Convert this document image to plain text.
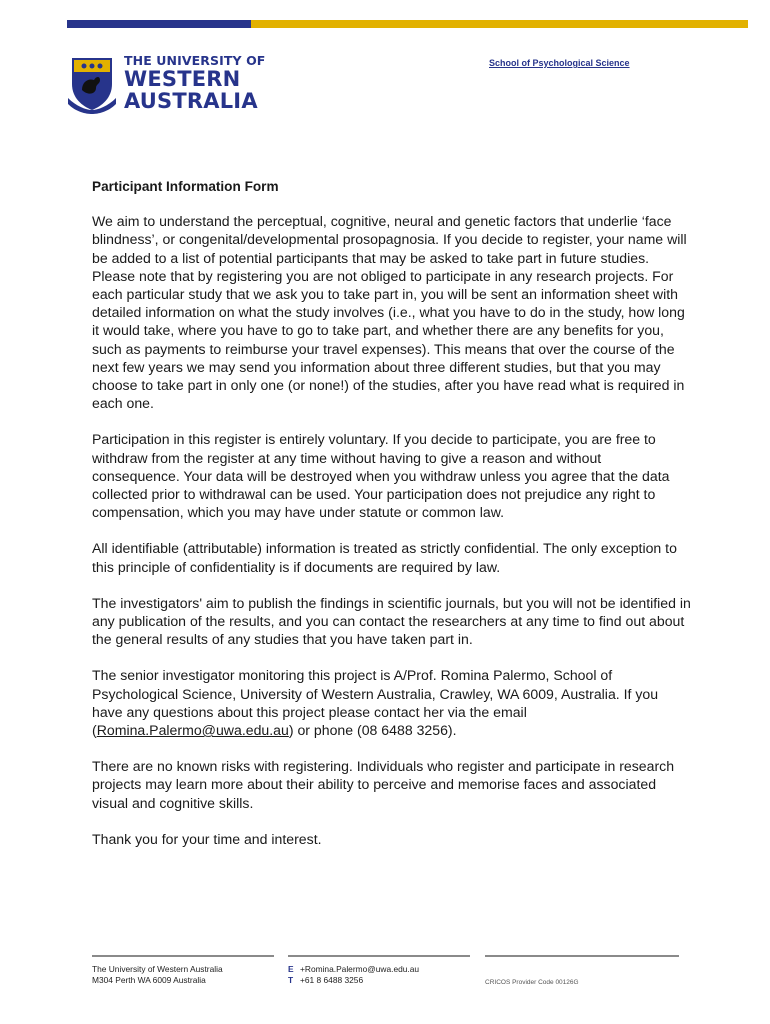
THE UNIVERSITY OF
WESTERN
AUSTRALIA
School of Psychological Science
Participant Information Form

We aim to understand the perceptual, cognitive, neural and genetic factors that underlie ‘face blindness’, or congenital/developmental prosopagnosia. If you decide to register, your name will be added to a list of potential participants that may be asked to take part in future studies. Please note that by registering you are not obliged to participate in any research projects. For each particular study that we ask you to take part in, you will be sent an information sheet with detailed information on what the study involves (i.e., what you have to do in the study, how long it would take, where you have to go to take part, and whether there are any benefits for you, such as payments to reimburse your travel expenses). This means that over the course of the next few years we may send you information about three different studies, but that you may choose to take part in only one (or none!) of the studies, after you have read what is required in each one.

Participation in this register is entirely voluntary. If you decide to participate, you are free to withdraw from the register at any time without having to give a reason and without consequence. Your data will be destroyed when you withdraw unless you agree that the data collected prior to withdrawal can be used. Your participation does not prejudice any right to compensation, which you may have under statute or common law.

All identifiable (attributable) information is treated as strictly confidential. The only exception to this principle of confidentiality is if documents are required by law.

The investigators' aim to publish the findings in scientific journals, but you will not be identified in any publication of the results, and you can contact the researchers at any time to find out about the general results of any studies that you have taken part in.

The senior investigator monitoring this project is A/Prof. Romina Palermo, School of Psychological Science, University of Western Australia, Crawley, WA 6009, Australia. If you have any questions about this project please contact her via the email (Romina.Palermo@uwa.edu.au) or phone (08 6488 3256).

There are no known risks with registering. Individuals who register and participate in research projects may learn more about their ability to perceive and memorise faces and associated visual and cognitive skills.

Thank you for your time and interest.

The University of Western Australia
M304 Perth WA 6009 Australia
E +Romina.Palermo@uwa.edu.au
T +61 8 6488 3256	CRICOS Provider Code 00126G
